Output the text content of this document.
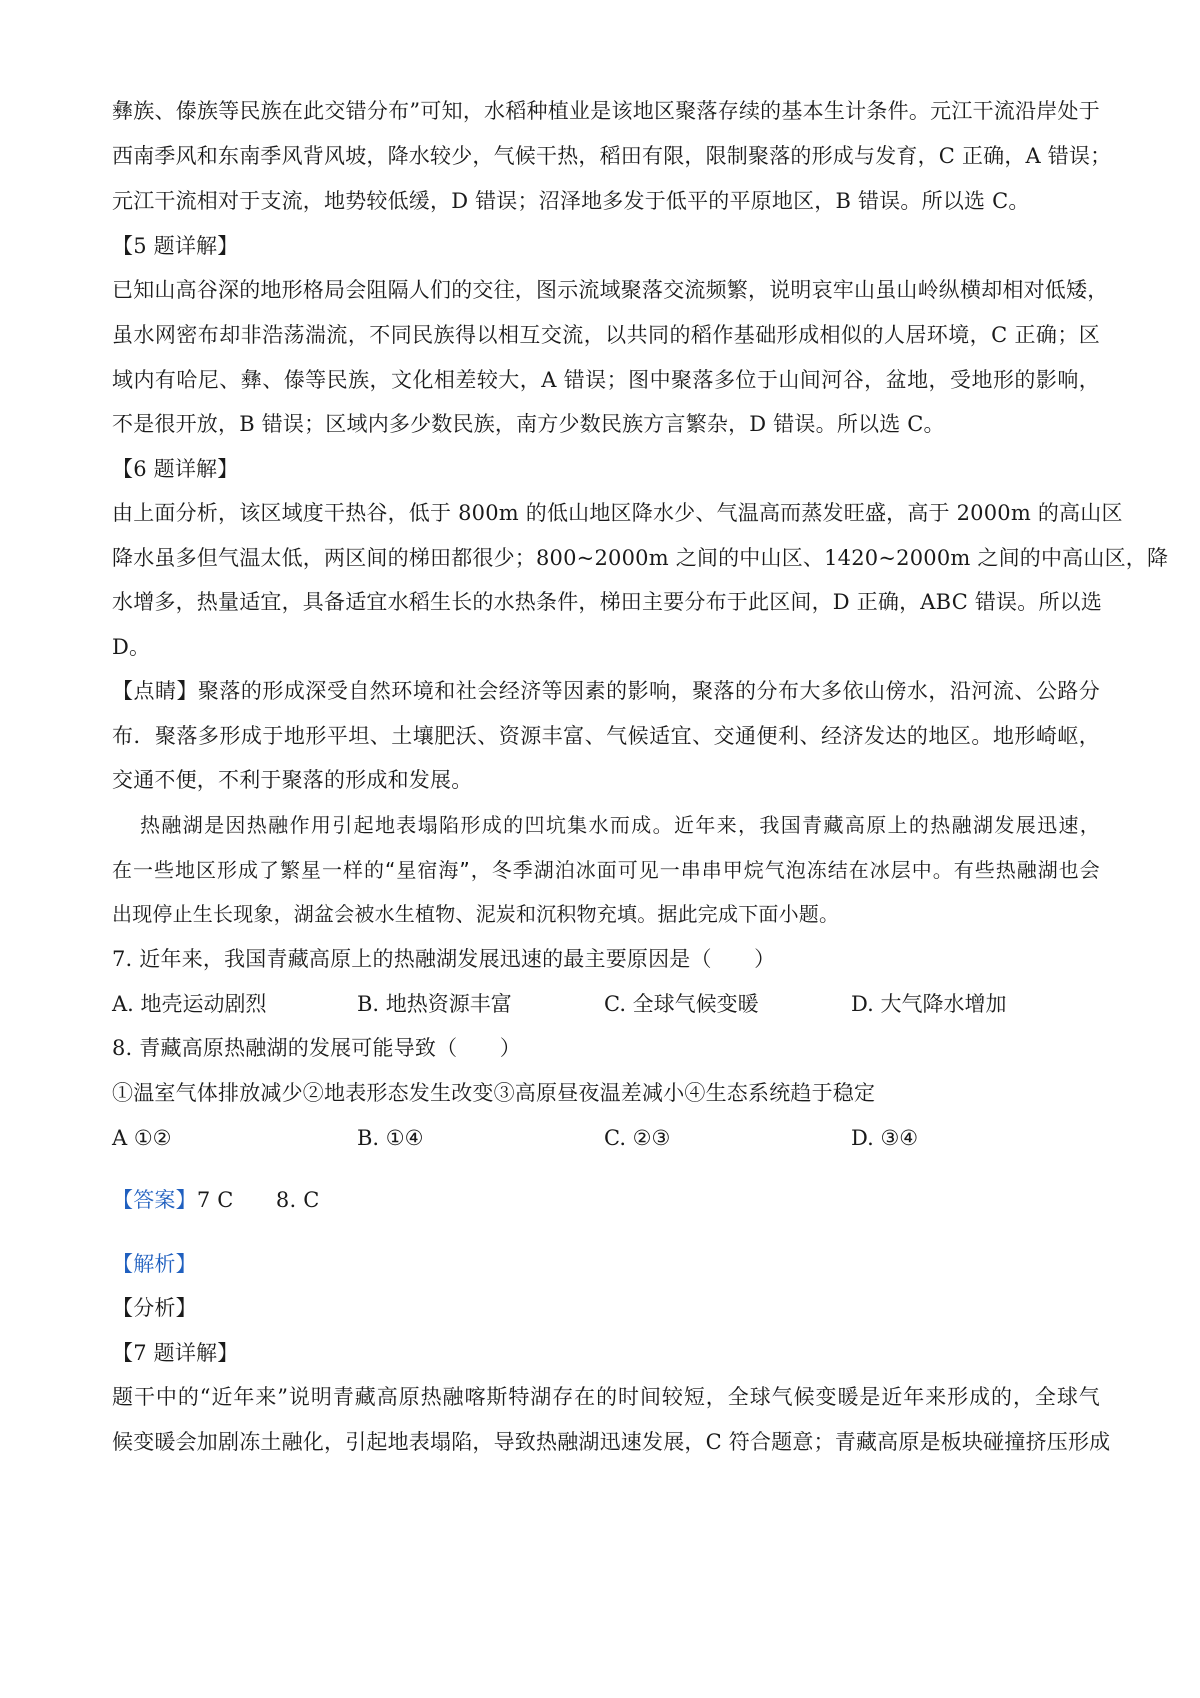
彝族、傣族等民族在此交错分布”可知，水稻种植业是该地区聚落存续的基本生计条件。元江干流沿岸处于
西南季风和东南季风背风坡，降水较少，气候干热，稻田有限，限制聚落的形成与发育，C 正确，A 错误；
元江干流相对于支流，地势较低缓，D 错误；沼泽地多发于低平的平原地区，B 错误。所以选 C。
【5 题详解】
已知山高谷深的地形格局会阻隔人们的交往，图示流域聚落交流频繁，说明哀牢山虽山岭纵横却相对低矮，
虽水网密布却非浩荡湍流，不同民族得以相互交流，以共同的稻作基础形成相似的人居环境，C 正确；区
域内有哈尼、彝、傣等民族，文化相差较大，A 错误；图中聚落多位于山间河谷，盆地，受地形的影响，
不是很开放，B 错误；区域内多少数民族，南方少数民族方言繁杂，D 错误。所以选 C。
【6 题详解】
由上面分析，该区域度干热谷，低于 800m 的低山地区降水少、气温高而蒸发旺盛，高于 2000m 的高山区
降水虽多但气温太低，两区间的梯田都很少；800~2000m 之间的中山区、1420~2000m 之间的中高山区，降
水增多，热量适宜，具备适宜水稻生长的水热条件，梯田主要分布于此区间，D 正确，ABC 错误。所以选
D。
【点睛】聚落的形成深受自然环境和社会经济等因素的影响，聚落的分布大多依山傍水，沿河流、公路分
布．聚落多形成于地形平坦、土壤肥沃、资源丰富、气候适宜、交通便利、经济发达的地区。地形崎岖，
交通不便，不利于聚落的形成和发展。
热融湖是因热融作用引起地表塌陷形成的凹坑集水而成。近年来，我国青藏高原上的热融湖发展迅速，
在一些地区形成了繁星一样的“星宿海”，冬季湖泊冰面可见一串串甲烷气泡冻结在冰层中。有些热融湖也会
出现停止生长现象，湖盆会被水生植物、泥炭和沉积物充填。据此完成下面小题。
7. 近年来，我国青藏高原上的热融湖发展迅速的最主要原因是（　　）
A. 地壳运动剧烈	B. 地热资源丰富	C. 全球气候变暖	D. 大气降水增加
8. 青藏高原热融湖的发展可能导致（　　）
①温室气体排放减少②地表形态发生改变③高原昼夜温差减小④生态系统趋于稳定
A ①②	B. ①④	C. ②③	D. ③④
【答案】7 C　　8. C
【解析】
【分析】
【7 题详解】
题干中的“近年来”说明青藏高原热融喀斯特湖存在的时间较短，全球气候变暖是近年来形成的，全球气
候变暖会加剧冻土融化，引起地表塌陷，导致热融湖迅速发展，C 符合题意；青藏高原是板块碰撞挤压形成
